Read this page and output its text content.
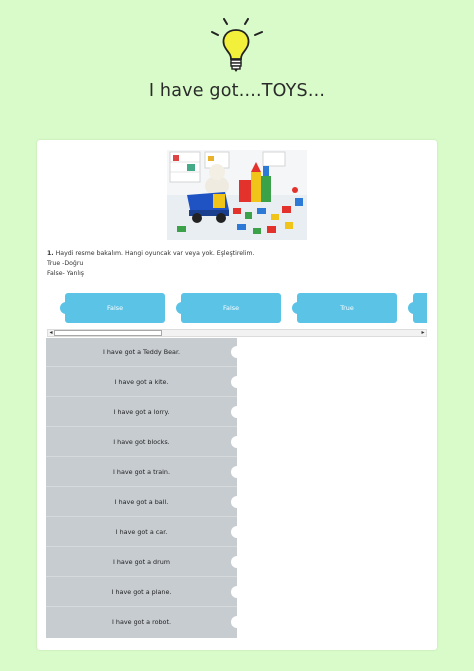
I have got....TOYS...
1. Haydi resme bakalım. Hangi oyuncak var veya yok. Eşleştirelim.
True -Doğru
False- Yanlış
False	False	True
◂	▸
I have got a Teddy Bear.
I have got a kite.
I have got a lorry.
I have got blocks.
I have got a train.
I have got a ball.
I have got a car.
I have got a drum
I have got a plane.
I have got a robot.
